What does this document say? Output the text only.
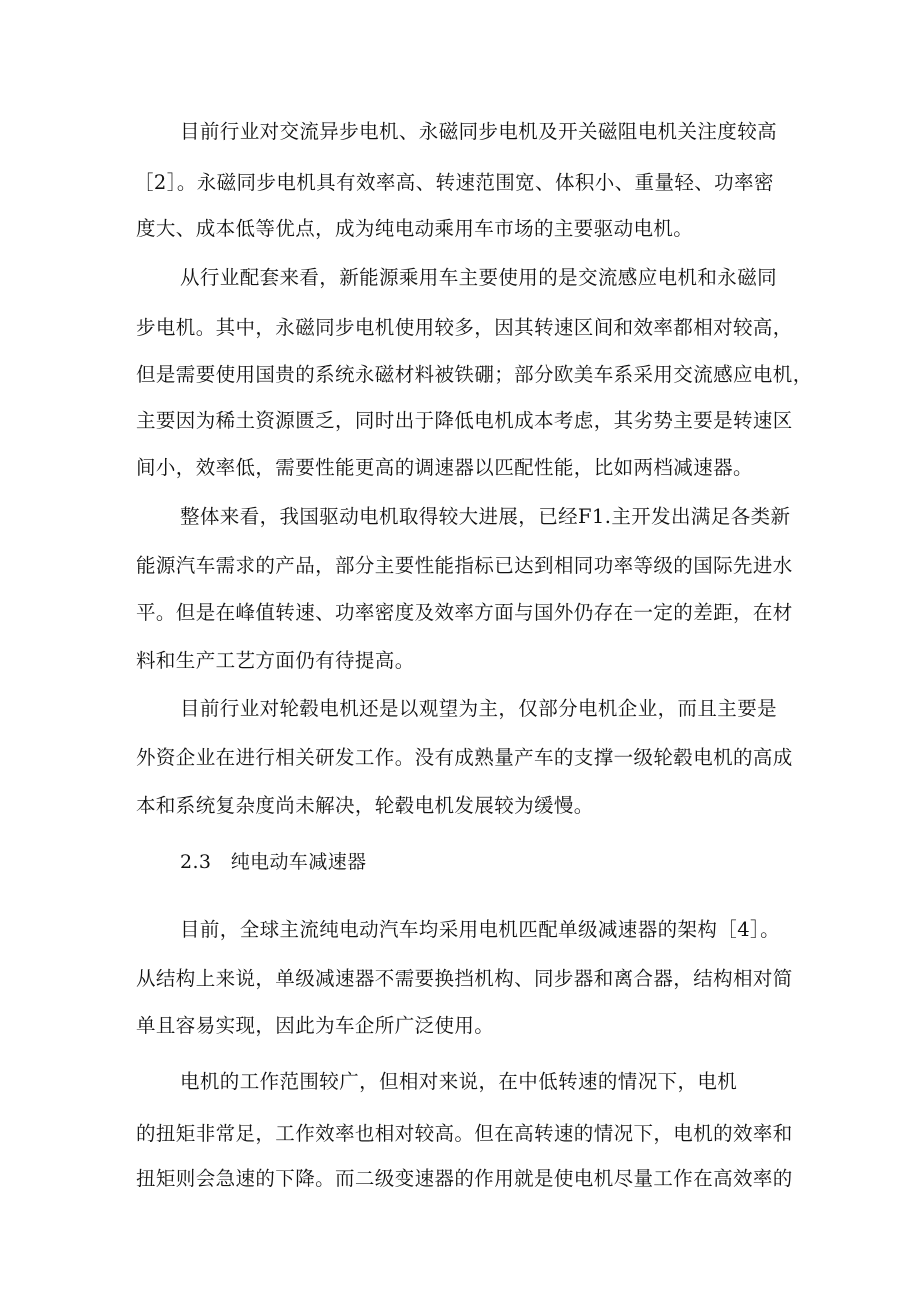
目前行业对交流异步电机、永磁同步电机及开关磁阻电机关注度较高
［2］。永磁同步电机具有效率高、转速范围宽、体积小、重量轻、功率密
度大、成本低等优点，成为纯电动乘用车市场的主要驱动电机。
从行业配套来看，新能源乘用车主要使用的是交流感应电机和永磁同
步电机。其中，永磁同步电机使用较多，因其转速区间和效率都相对较高，
但是需要使用国贵的系统永磁材料被铁硼；部分欧美车系采用交流感应电机，
主要因为稀土资源匮乏，同时出于降低电机成本考虑，其劣势主要是转速区
间小，效率低，需要性能更高的调速器以匹配性能，比如两档减速器。
整体来看，我国驱动电机取得较大进展，已经F1.主开发出满足各类新
能源汽车需求的产品，部分主要性能指标已达到相同功率等级的国际先进水
平。但是在峰值转速、功率密度及效率方面与国外仍存在一定的差距，在材
料和生产工艺方面仍有待提高。
目前行业对轮毂电机还是以观望为主，仅部分电机企业，而且主要是
外资企业在进行相关研发工作。没有成熟量产车的支撑一级轮毂电机的高成
本和系统复杂度尚未解决，轮毂电机发展较为缓慢。
2.3   纯电动车减速器
目前，全球主流纯电动汽车均采用电机匹配单级减速器的架构［4］。
从结构上来说，单级减速器不需要换挡机构、同步器和离合器，结构相对简
单且容易实现，因此为车企所广泛使用。
电机的工作范围较广，但相对来说，在中低转速的情况下，电机
的扭矩非常足，工作效率也相对较高。但在高转速的情况下，电机的效率和
扭矩则会急速的下降。而二级变速器的作用就是使电机尽量工作在高效率的
